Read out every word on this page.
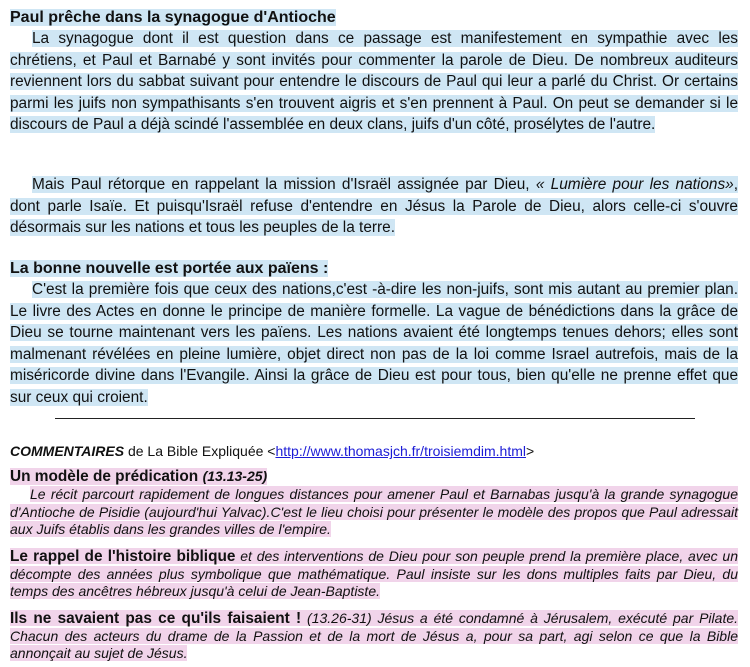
Paul prêche dans la synagogue d'Antioche

La synagogue dont il est question dans ce passage est manifestement en sympathie avec les chrétiens, et Paul et Barnabé y sont invités pour commenter la parole de Dieu. De nombreux auditeurs reviennent lors du sabbat suivant pour entendre le discours de Paul qui leur a parlé du Christ. Or certains parmi les juifs non sympathisants s'en trouvent aigris et s'en prennent à Paul. On peut se demander si le discours de Paul a déjà scindé l'assemblée en deux clans, juifs d'un côté, prosélytes de l'autre.

Mais Paul rétorque en rappelant la mission d'Israël assignée par Dieu, « Lumière pour les nations», dont parle Isaïe. Et puisqu'Israël refuse d'entendre en Jésus la Parole de Dieu, alors celle-ci s'ouvre désormais sur les nations et tous les peuples de la terre.

La bonne nouvelle est portée aux païens :

C'est la première fois que ceux des nations,c'est -à-dire les non-juifs, sont mis autant au premier plan. Le livre des Actes en donne le principe de manière formelle. La vague de bénédictions dans la grâce de Dieu se tourne maintenant vers les païens. Les nations avaient été longtemps tenues dehors; elles sont malmenant révélées en pleine lumière, objet direct non pas de la loi comme Israel autrefois, mais de la miséricorde divine dans l'Evangile. Ainsi la grâce de Dieu est pour tous, bien qu'elle ne prenne effet que sur ceux qui croient.

COMMENTAIRES de La Bible Expliquée <http://www.thomasjch.fr/troisiemdim.html>
Un modèle de prédication (13.13-25)

Le récit parcourt rapidement de longues distances pour amener Paul et Barnabas jusqu'à la grande synagogue d'Antioche de Pisidie (aujourd'hui Yalvac).C'est le lieu choisi pour présenter le modèle des propos que Paul adressait aux Juifs établis dans les grandes villes de l'empire.

Le rappel de l'histoire biblique et des interventions de Dieu pour son peuple prend la première place, avec un décompte des années plus symbolique que mathématique. Paul insiste sur les dons multiples faits par Dieu, du temps des ancêtres hébreux jusqu'à celui de Jean-Baptiste.

Ils ne savaient pas ce qu'ils faisaient ! (13.26-31) Jésus a été condamné à Jérusalem, exécuté par Pilate. Chacun des acteurs du drame de la Passion et de la mort de Jésus a, pour sa part, agi selon ce que la Bible annonçait au sujet de Jésus.
